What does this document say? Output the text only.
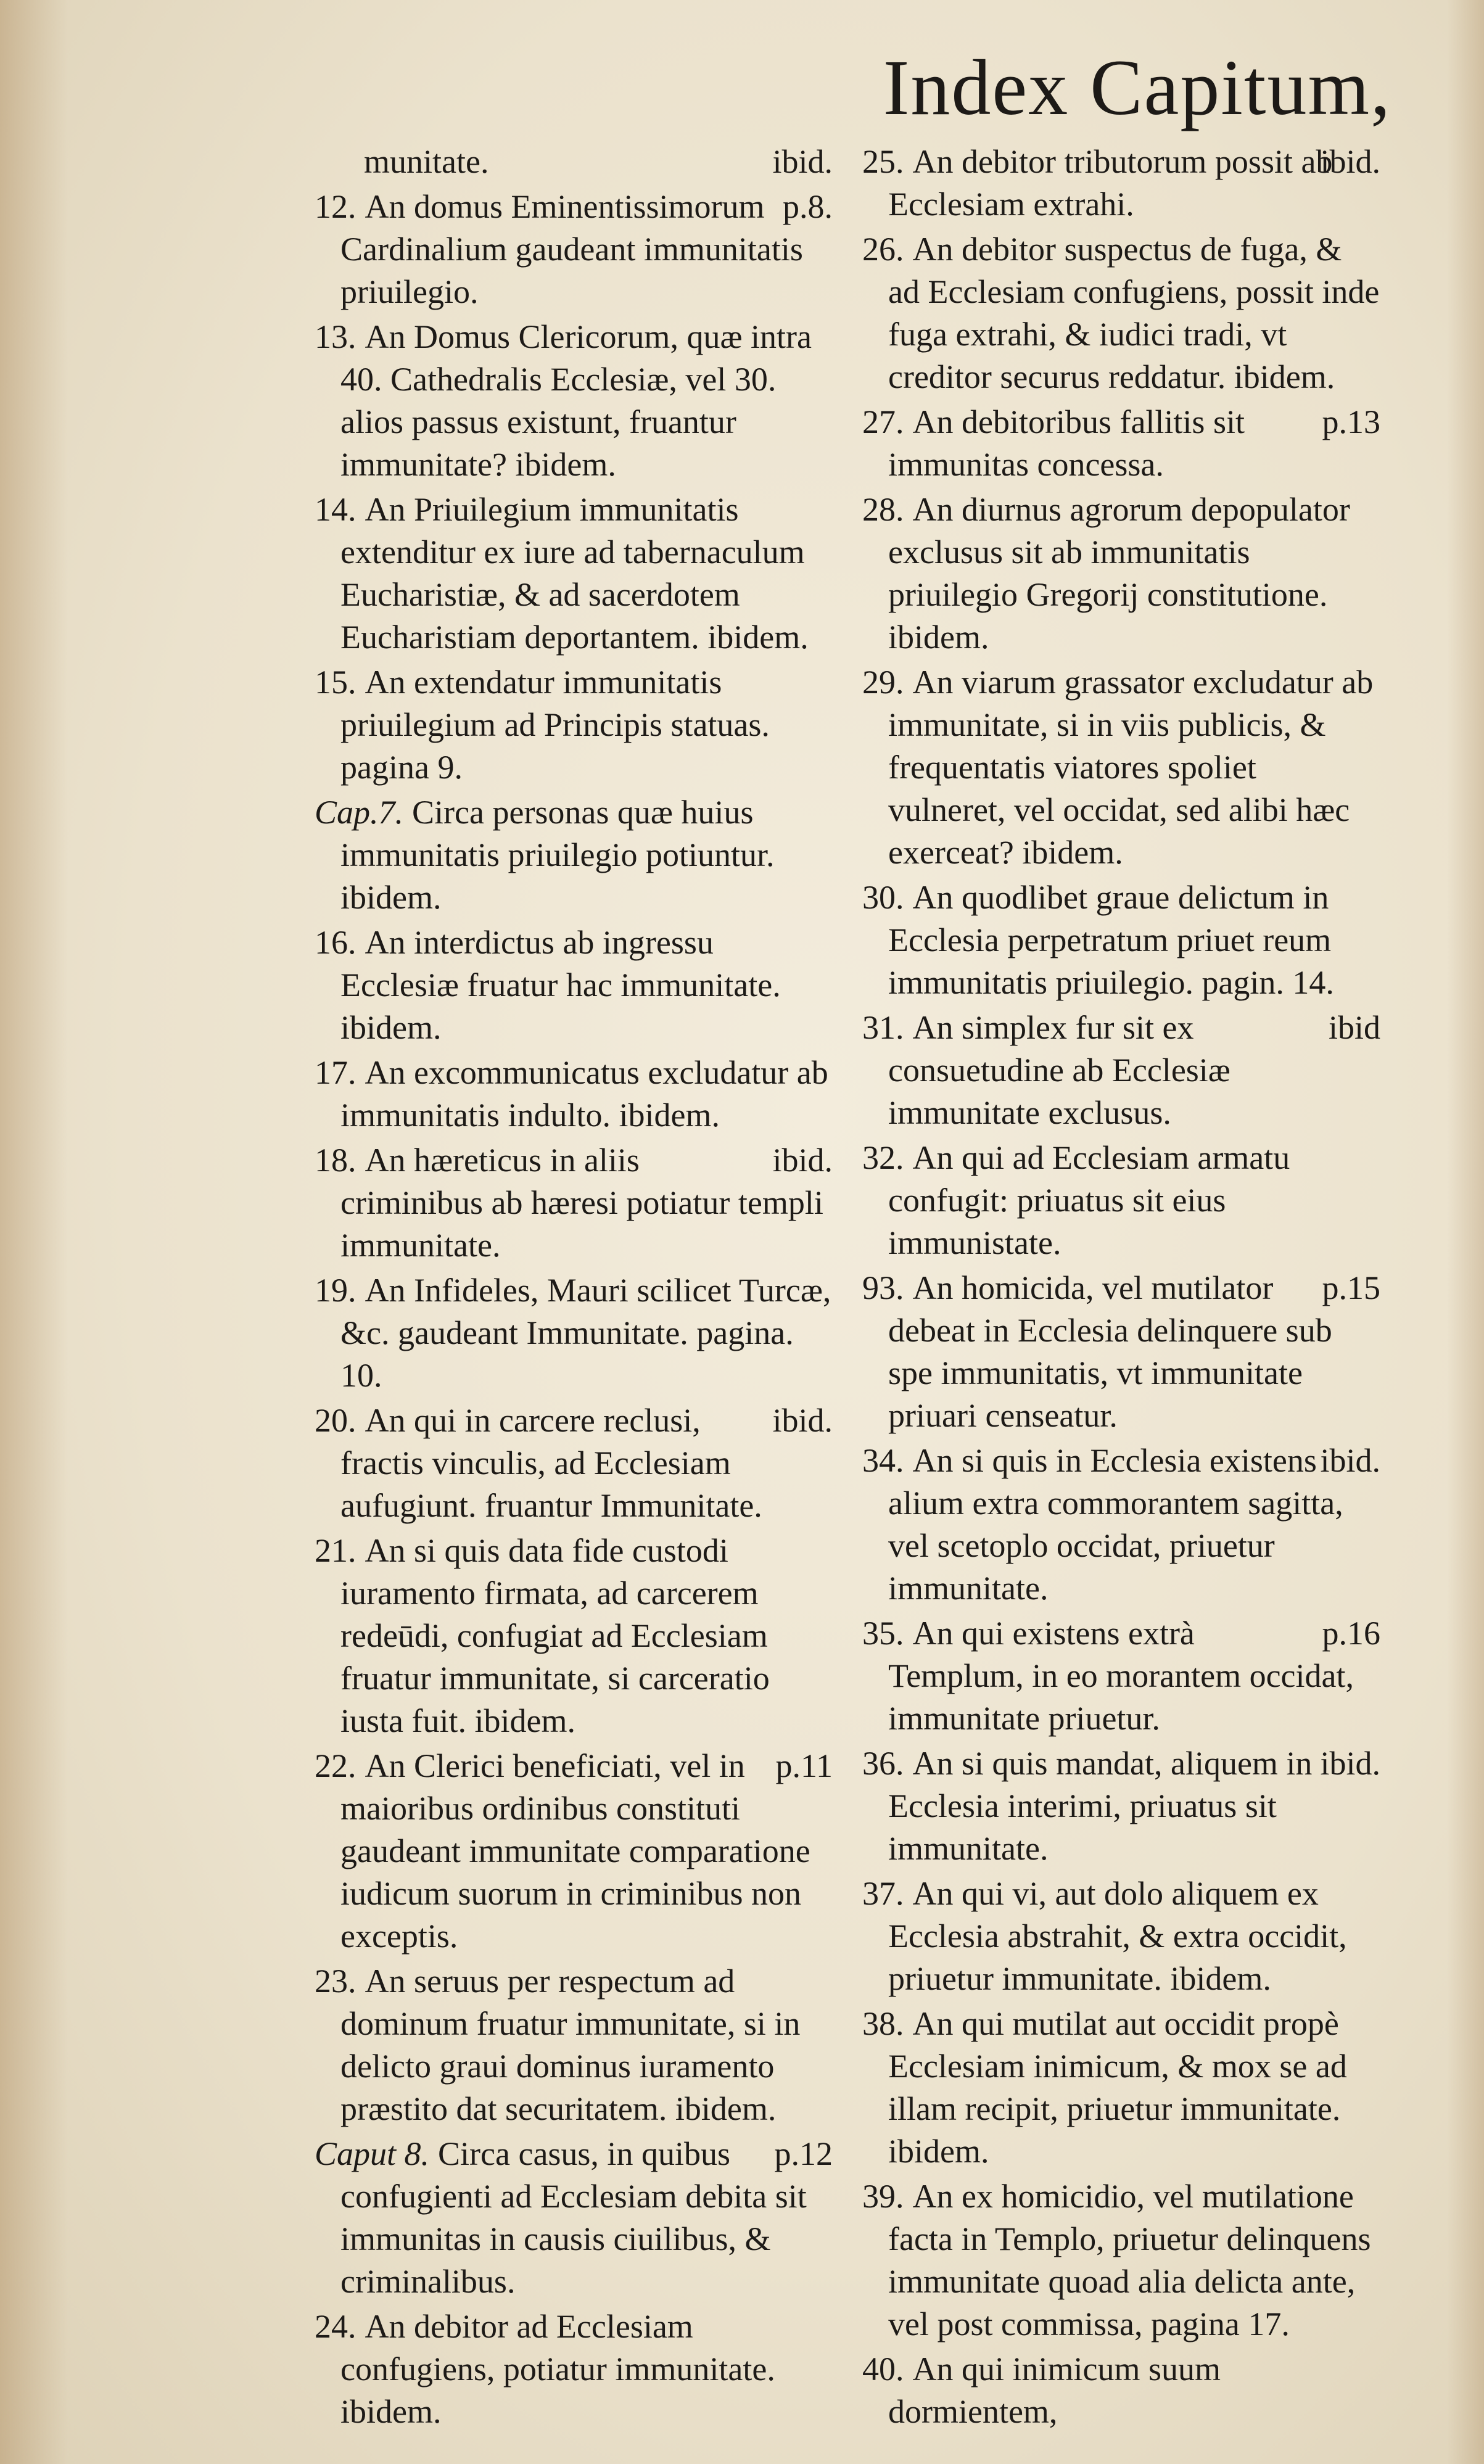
Index Capitum,
ibid.
munitate.
p.8.
12. An domus Eminentissimorum Cardinalium gaudeant immunitatis priuilegio.
13. An Domus Clericorum, quæ intra 40. Cathedralis Ecclesiæ, vel 30. alios passus existunt, fruantur immunitate? ibidem.
14. An Priuilegium immunitatis extenditur ex iure ad tabernaculum Eucharistiæ, & ad sacerdotem Eucharistiam deportantem. ibidem.
15. An extendatur immunitatis priuilegium ad Principis statuas. pagina 9.
Cap.7. Circa personas quæ huius immunitatis priuilegio potiuntur. ibidem.
16. An interdictus ab ingressu Ecclesiæ fruatur hac immunitate. ibidem.
17. An excommunicatus excludatur ab immunitatis indulto. ibidem.
ibid.
18. An hæreticus in aliis criminibus ab hæresi potiatur templi immunitate.
19. An Infideles, Mauri scilicet Turcæ, &c. gaudeant Immunitate. pagina. 10.
ibid.
20. An qui in carcere reclusi, fractis vinculis, ad Ecclesiam aufugiunt. fruantur Immunitate.
21. An si quis data fide custodi iuramento firmata, ad carcerem redeūdi, confugiat ad Ecclesiam fruatur immunitate, si carceratio iusta fuit. ibidem.
p.11
22. An Clerici beneficiati, vel in maioribus ordinibus constituti gaudeant immunitate comparatione iudicum suorum in criminibus non exceptis.
23. An seruus per respectum ad dominum fruatur immunitate, si in delicto graui dominus iuramento præstito dat securitatem. ibidem.
p.12
Caput 8. Circa casus, in quibus confugienti ad Ecclesiam debita sit immunitas in causis ciuilibus, & criminalibus.
24. An debitor ad Ecclesiam confugiens, potiatur immunitate. ibidem.
ibid.
25. An debitor tributorum possit ab Ecclesiam extrahi.
26. An debitor suspectus de fuga, & ad Ecclesiam confugiens, possit inde fuga extrahi, & iudici tradi, vt creditor securus reddatur. ibidem.
p.13
27. An debitoribus fallitis sit immunitas concessa.
28. An diurnus agrorum depopulator exclusus sit ab immunitatis priuilegio Gregorij constitutione. ibidem.
29. An viarum grassator excludatur ab immunitate, si in viis publicis, & frequentatis viatores spoliet vulneret, vel occidat, sed alibi hæc exerceat? ibidem.
30. An quodlibet graue delictum in Ecclesia perpetratum priuet reum immunitatis priuilegio. pagin. 14.
ibid
31. An simplex fur sit ex consuetudine ab Ecclesiæ immunitate exclusus.
32. An qui ad Ecclesiam armatu confugit: priuatus sit eius immunistate.
p.15
93. An homicida, vel mutilator debeat in Ecclesia delinquere sub spe immunitatis, vt immunitate priuari censeatur.
ibid.
34. An si quis in Ecclesia existens alium extra commorantem sagitta, vel scetoplo occidat, priuetur immunitate.
p.16
35. An qui existens extrà Templum, in eo morantem occidat, immunitate priuetur.
ibid.
36. An si quis mandat, aliquem in Ecclesia interimi, priuatus sit immunitate.
37. An qui vi, aut dolo aliquem ex Ecclesia abstrahit, & extra occidit, priuetur immunitate. ibidem.
38. An qui mutilat aut occidit propè Ecclesiam inimicum, & mox se ad illam recipit, priuetur immunitate. ibidem.
39. An ex homicidio, vel mutilatione facta in Templo, priuetur delinquens immunitate quoad alia delicta ante, vel post commissa, pagina 17.
40. An qui inimicum suum dormientem,
